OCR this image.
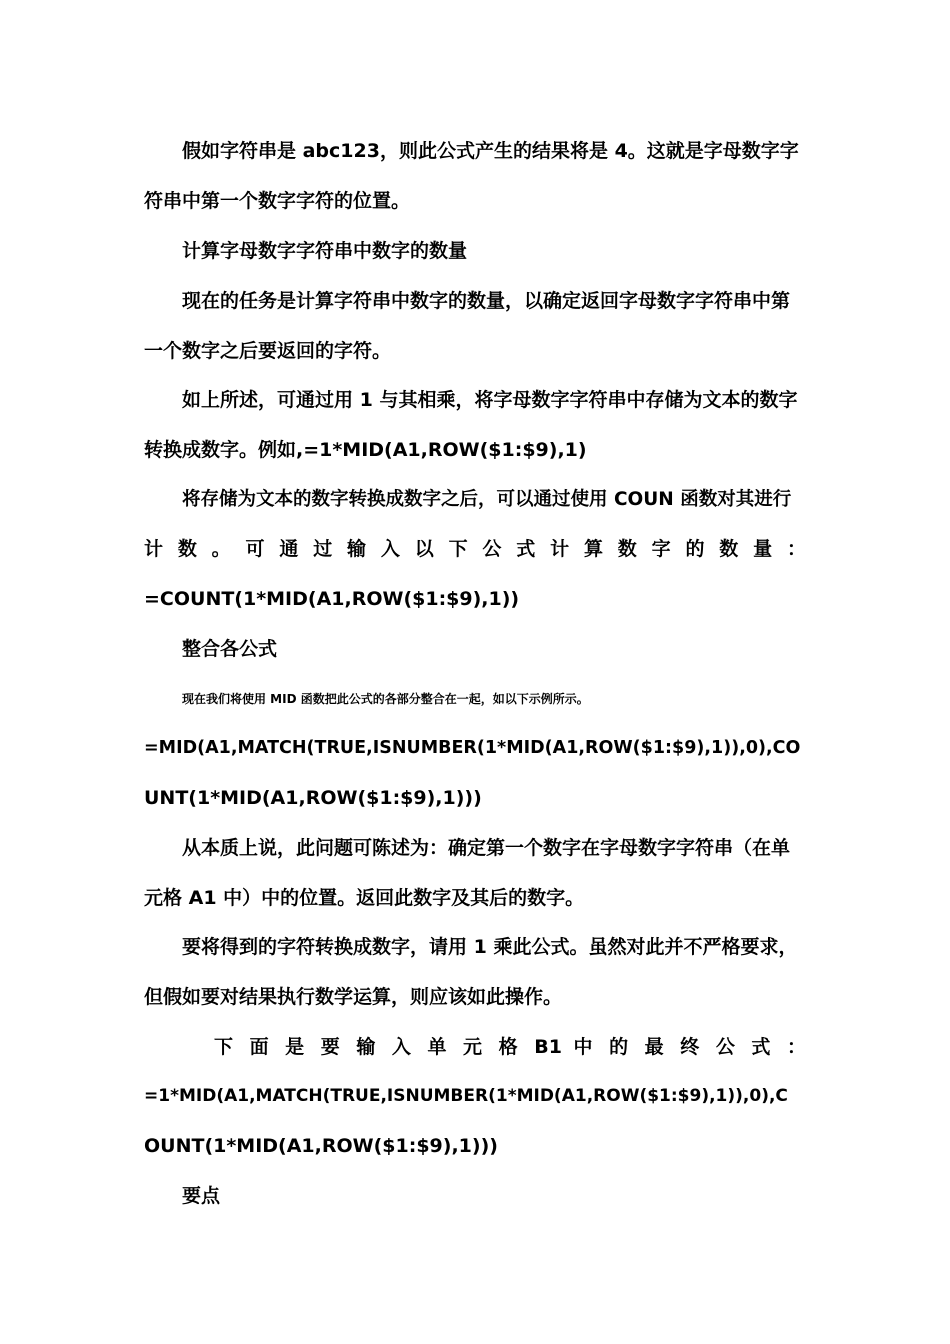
假如字符串是 abc123，则此公式产生的结果将是 4。这就是字母数字字
符串中第一个数字字符的位置。
计算字母数字字符串中数字的数量
现在的任务是计算字符串中数字的数量，以确定返回字母数字字符串中第
一个数字之后要返回的字符。
如上所述，可通过用 1 与其相乘，将字母数字字符串中存储为文本的数字
转换成数字。例如,=1*MID(A1,ROW($1:$9),1)
将存储为文本的数字转换成数字之后，可以通过使用 COUN 函数对其进行
计 数 。 可 通 过 输 入 以 下 公 式 计 算 数 字 的 数 量 ：
=COUNT(1*MID(A1,ROW($1:$9),1))
整合各公式
现在我们将使用 MID 函数把此公式的各部分整合在一起，如以下示例所示。
=MID(A1,MATCH(TRUE,ISNUMBER(1*MID(A1,ROW($1:$9),1)),0),CO
UNT(1*MID(A1,ROW($1:$9),1)))
从本质上说，此问题可陈述为：确定第一个数字在字母数字字符串（在单
元格 A1 中）中的位置。返回此数字及其后的数字。
要将得到的字符转换成数字，请用 1 乘此公式。虽然对此并不严格要求，
但假如要对结果执行数学运算，则应该如此操作。
下 面 是 要 输 入 单 元 格 B1 中 的 最 终 公 式 ：
=1*MID(A1,MATCH(TRUE,ISNUMBER(1*MID(A1,ROW($1:$9),1)),0),C
OUNT(1*MID(A1,ROW($1:$9),1)))
要点
